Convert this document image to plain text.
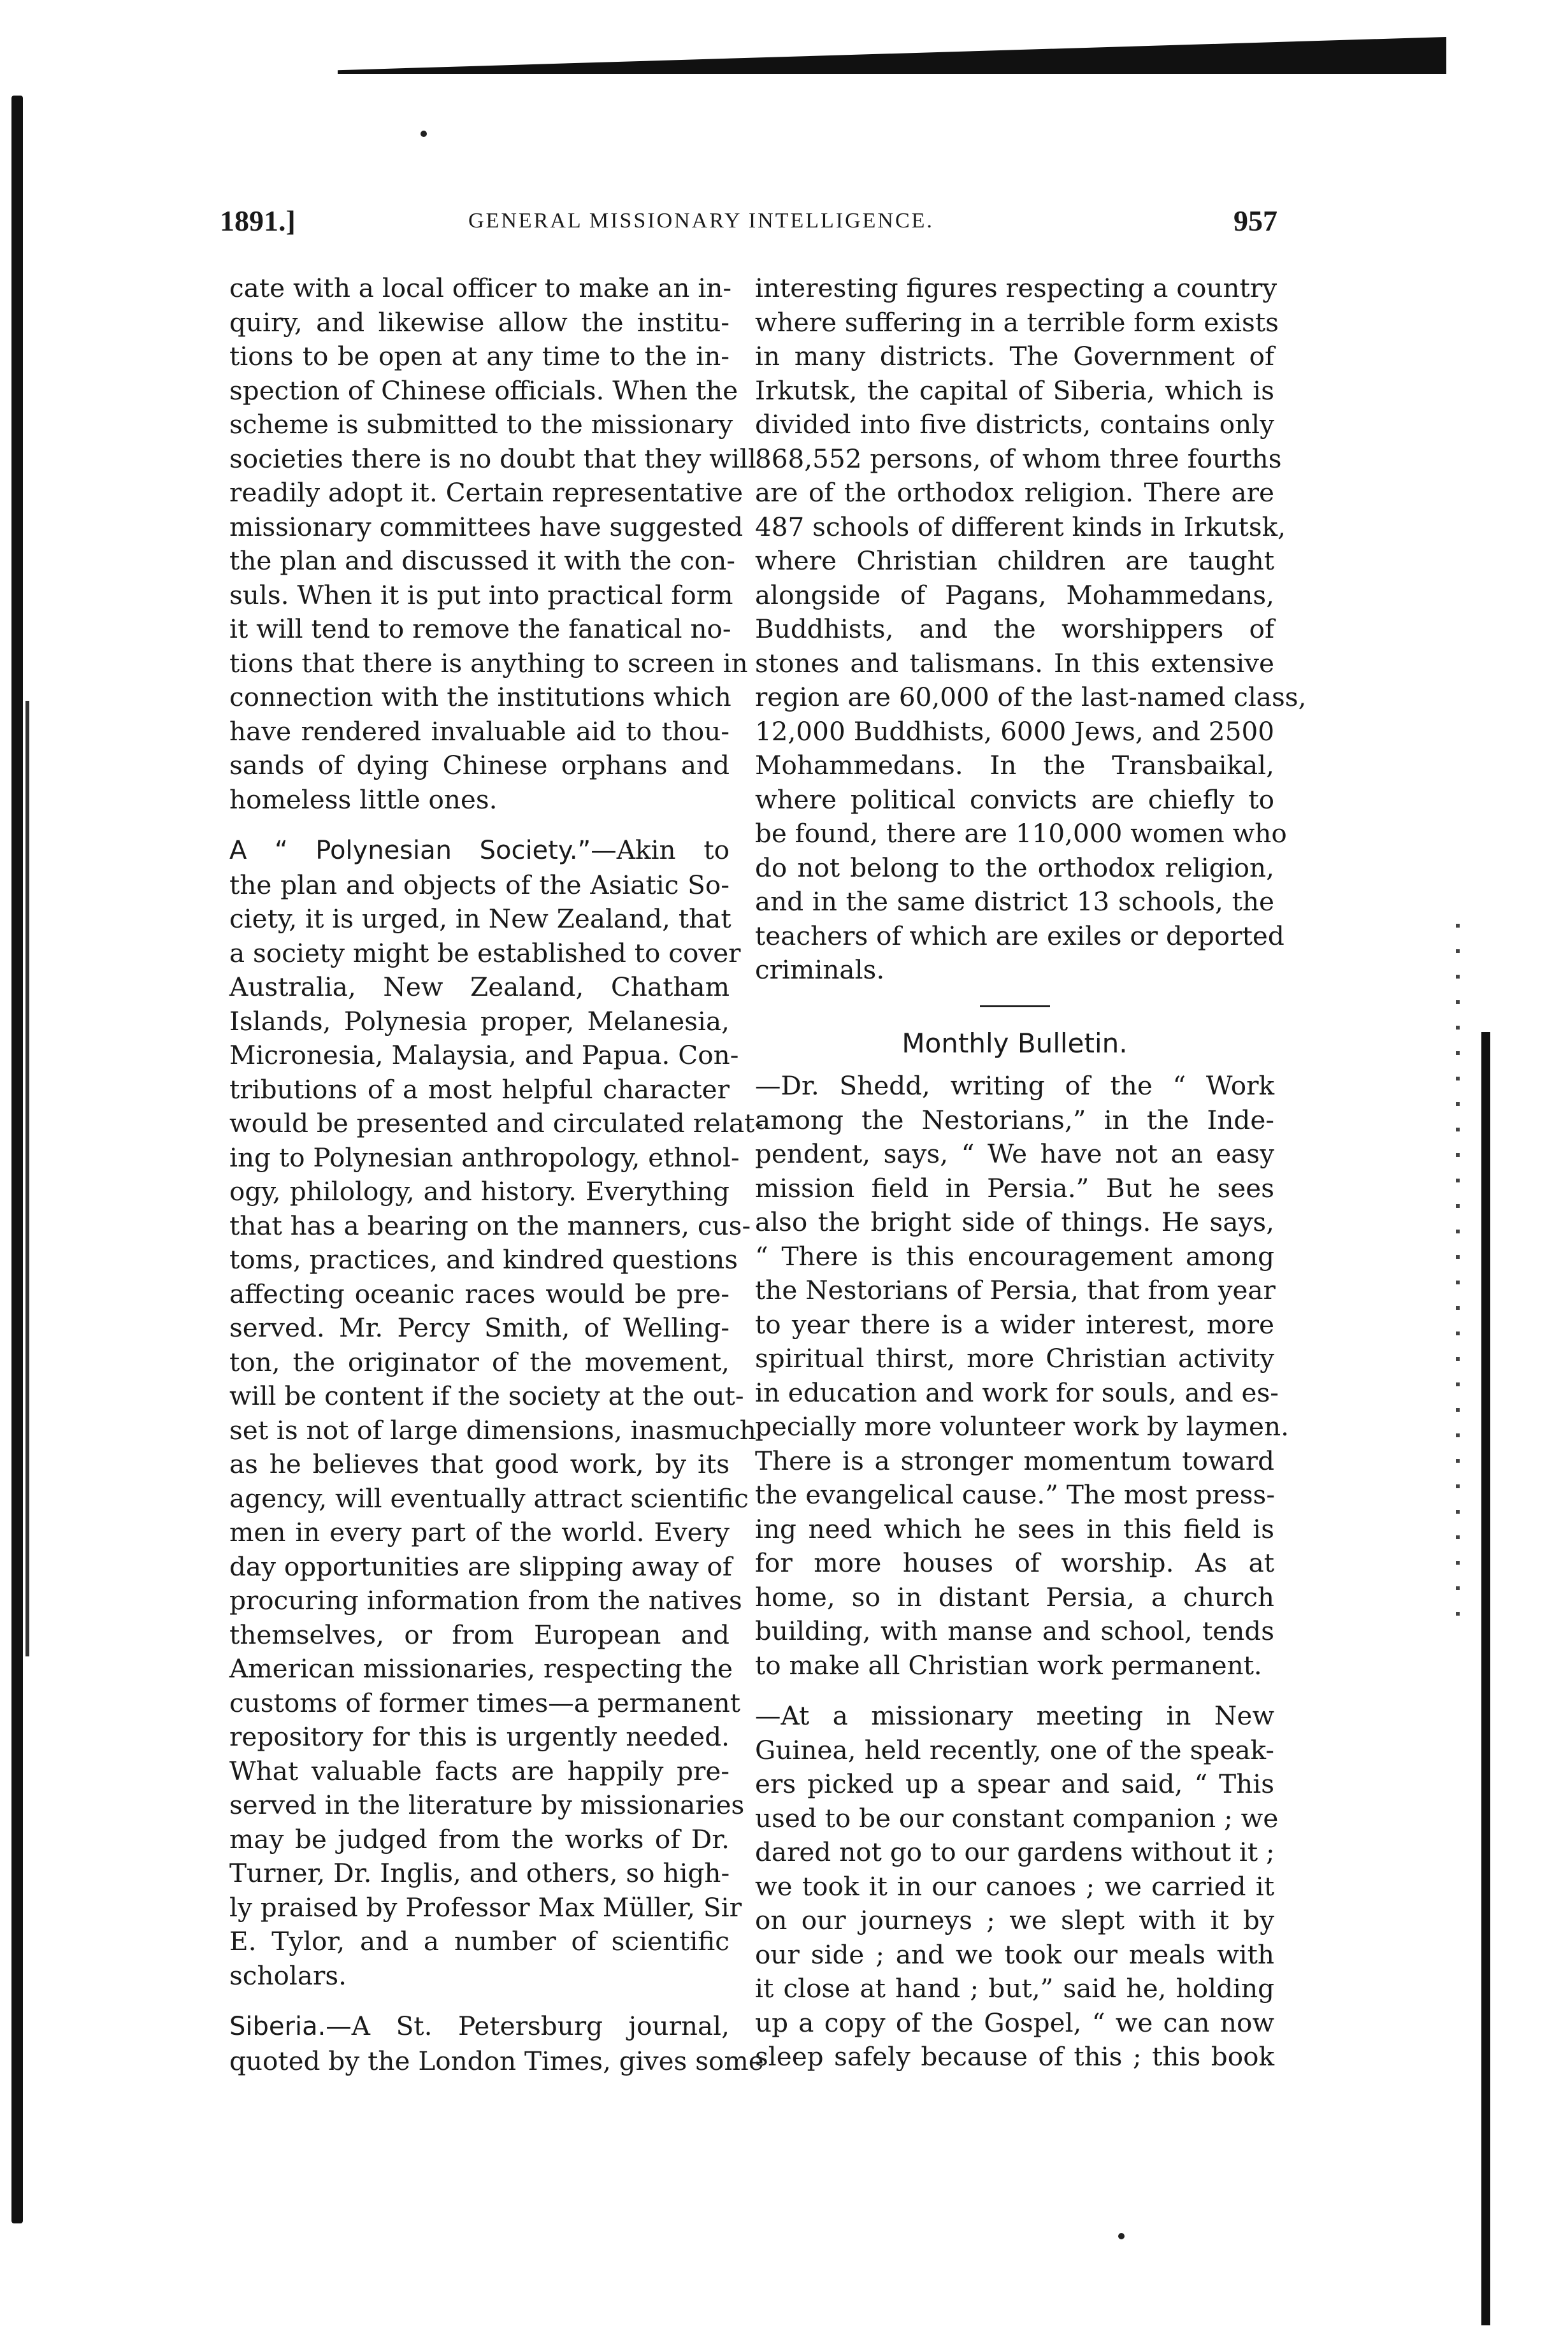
1891.]	GENERAL MISSIONARY INTELLIGENCE.	957

cate with a local officer to make an in-
quiry, and likewise allow the institu-
tions to be open at any time to the in-
spection of Chinese officials. When the
scheme is submitted to the missionary
societies there is no doubt that they will
readily adopt it. Certain representative
missionary committees have suggested
the plan and discussed it with the con-
suls. When it is put into practical form
it will tend to remove the fanatical no-
tions that there is anything to screen in
connection with the institutions which
have rendered invaluable aid to thou-
sands of dying Chinese orphans and
homeless little ones.

A “ Polynesian Society.”—Akin to
the plan and objects of the Asiatic So-
ciety, it is urged, in New Zealand, that
a society might be established to cover
Australia, New Zealand, Chatham
Islands, Polynesia proper, Melanesia,
Micronesia, Malaysia, and Papua. Con-
tributions of a most helpful character
would be presented and circulated relat-
ing to Polynesian anthropology, ethnol-
ogy, philology, and history. Everything
that has a bearing on the manners, cus-
toms, practices, and kindred questions
affecting oceanic races would be pre-
served. Mr. Percy Smith, of Welling-
ton, the originator of the movement,
will be content if the society at the out-
set is not of large dimensions, inasmuch
as he believes that good work, by its
agency, will eventually attract scientific
men in every part of the world. Every
day opportunities are slipping away of
procuring information from the natives
themselves, or from European and
American missionaries, respecting the
customs of former times—a permanent
repository for this is urgently needed.
What valuable facts are happily pre-
served in the literature by missionaries
may be judged from the works of Dr.
Turner, Dr. Inglis, and others, so high-
ly praised by Professor Max Müller, Sir
E. Tylor, and a number of scientific
scholars.

Siberia.—A St. Petersburg journal,
quoted by the London Times, gives some

interesting figures respecting a country
where suffering in a terrible form exists
in many districts. The Government of
Irkutsk, the capital of Siberia, which is
divided into five districts, contains only
868,552 persons, of whom three fourths
are of the orthodox religion. There are
487 schools of different kinds in Irkutsk,
where Christian children are taught
alongside of Pagans, Mohammedans,
Buddhists, and the worshippers of
stones and talismans. In this extensive
region are 60,000 of the last-named class,
12,000 Buddhists, 6000 Jews, and 2500
Mohammedans. In the Transbaikal,
where political convicts are chiefly to
be found, there are 110,000 women who
do not belong to the orthodox religion,
and in the same district 13 schools, the
teachers of which are exiles or deported
criminals.

Monthly Bulletin.

—Dr. Shedd, writing of the “ Work
among the Nestorians,” in the Inde-
pendent, says, “ We have not an easy
mission field in Persia.” But he sees
also the bright side of things. He says,
“ There is this encouragement among
the Nestorians of Persia, that from year
to year there is a wider interest, more
spiritual thirst, more Christian activity
in education and work for souls, and es-
pecially more volunteer work by laymen.
There is a stronger momentum toward
the evangelical cause.” The most press-
ing need which he sees in this field is
for more houses of worship. As at
home, so in distant Persia, a church
building, with manse and school, tends
to make all Christian work permanent.

—At a missionary meeting in New
Guinea, held recently, one of the speak-
ers picked up a spear and said, “ This
used to be our constant companion ; we
dared not go to our gardens without it ;
we took it in our canoes ; we carried it
on our journeys ; we slept with it by
our side ; and we took our meals with
it close at hand ; but,” said he, holding
up a copy of the Gospel, “ we can now
sleep safely because of this ; this book
